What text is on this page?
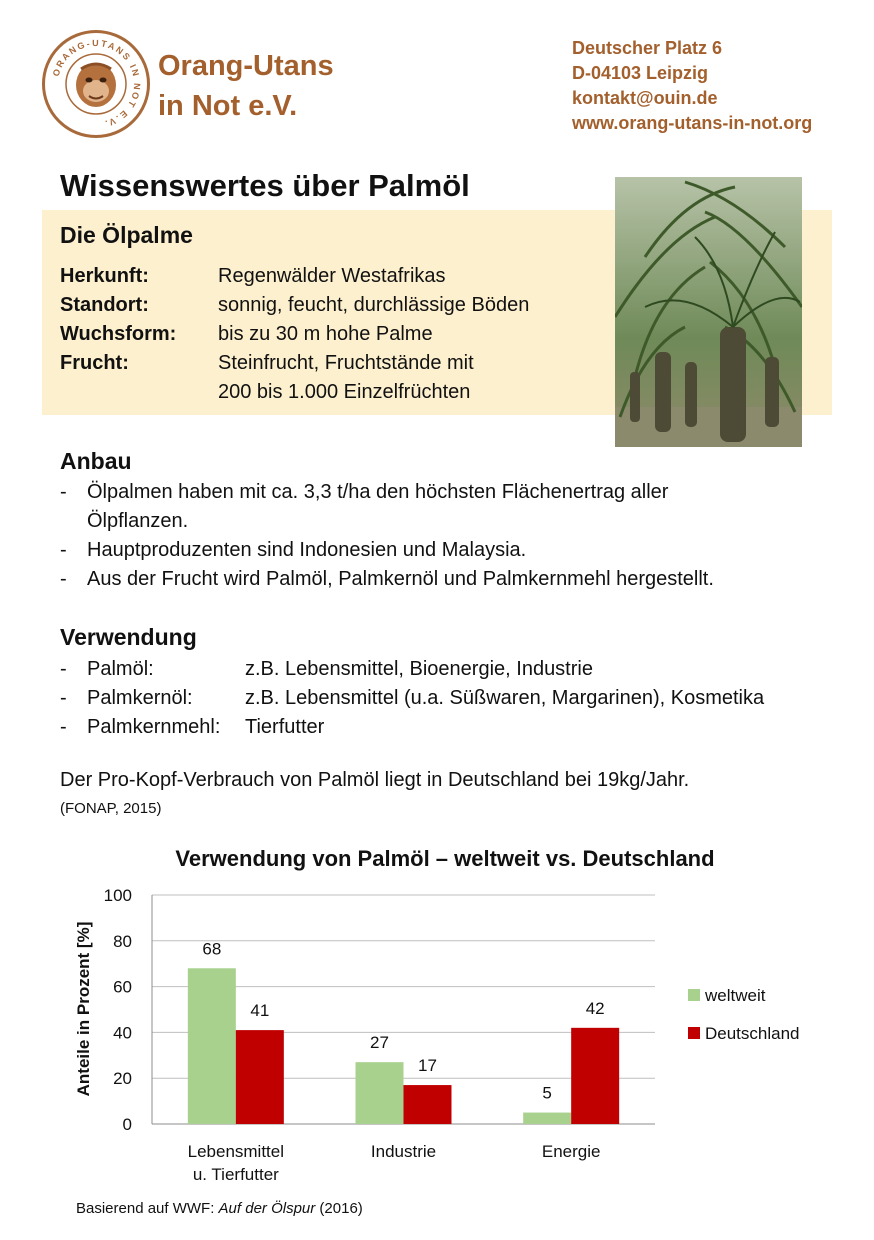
ORANG-UTANS IN NOT E.V.
Orang-Utans
in Not e.V.
Deutscher Platz 6
D-04103 Leipzig
kontakt@ouin.de
www.orang-utans-in-not.org
Wissenswertes über Palmöl
Die Ölpalme
Herkunft:	Regenwälder Westafrikas
Standort:	sonnig, feucht, durchlässige Böden
Wuchsform: bis zu 30 m hohe Palme
Frucht:	Steinfrucht, Fruchtstände mit
200 bis 1.000 Einzelfrüchten
Anbau
- Ölpalmen haben mit ca. 3,3 t/ha den höchsten Flächenertrag aller
Ölpflanzen.
- Hauptproduzenten sind Indonesien und Malaysia.
- Aus der Frucht wird Palmöl, Palmkernöl und Palmkernmehl hergestellt.
Verwendung
- Palmöl:	z.B. Lebensmittel, Bioenergie, Industrie
- Palmkernöl:	z.B. Lebensmittel (u.a. Süßwaren, Margarinen), Kosmetika
- Palmkernmehl: Tierfutter
Der Pro-Kopf-Verbrauch von Palmöl liegt in Deutschland bei 19kg/Jahr.
(FONAP, 2015)
Verwendung von Palmöl – weltweit vs. Deutschland
0
20
40
60
80
100
68
41
Lebensmittel
u. Tierfutter
27
17
Industrie
5
42
Energie
Anteile in Prozent [%]	weltweit
Deutschland
Basierend auf WWF: Auf der Ölspur (2016)
